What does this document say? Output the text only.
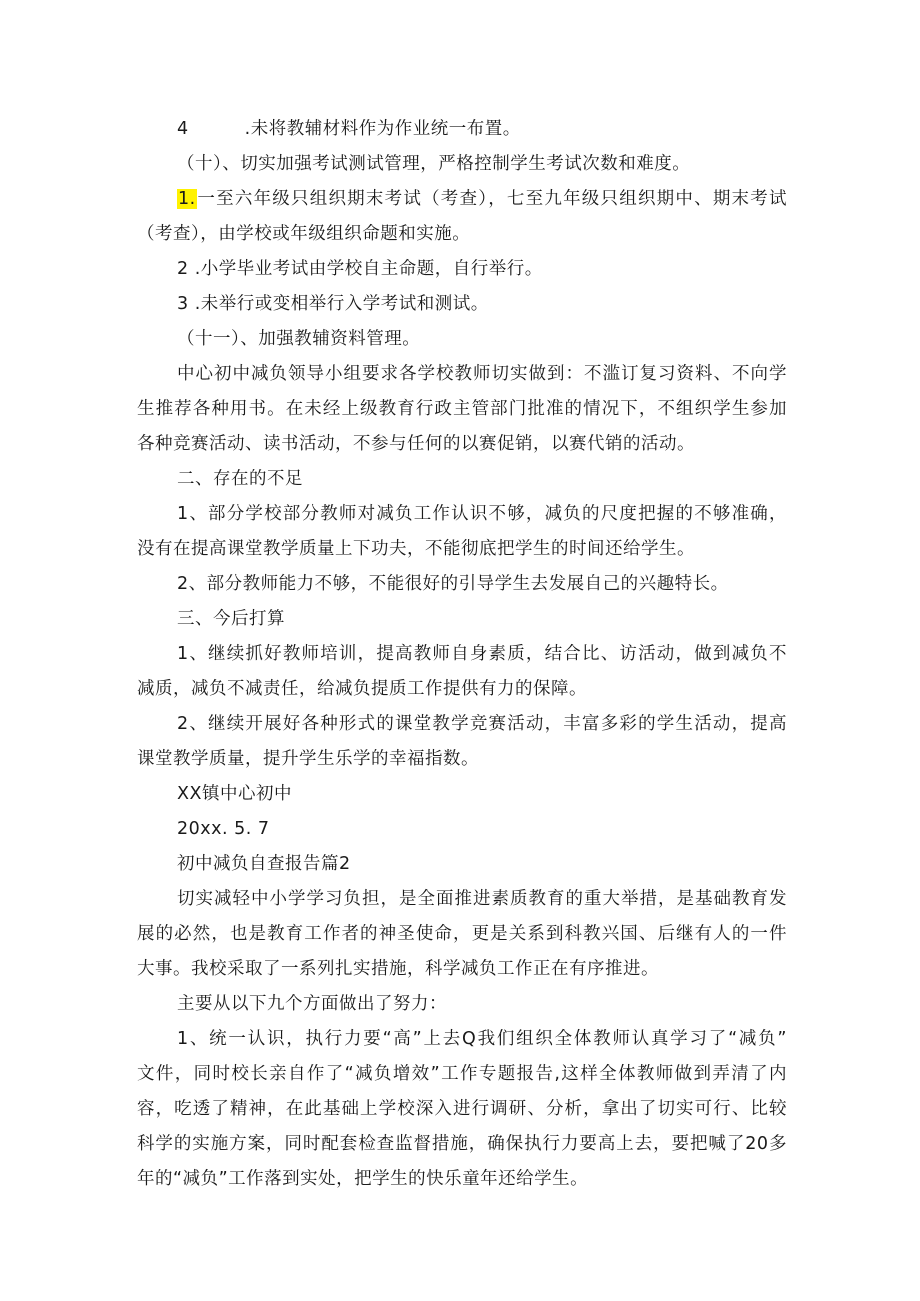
4	.未将教辅材料作为作业统一布置。
（十）、切实加强考试测试管理，严格控制学生考试次数和难度。
1.一至六年级只组织期末考试（考查），七至九年级只组织期中、期末考试
（考查），由学校或年级组织命题和实施。
2 .小学毕业考试由学校自主命题，自行举行。
3 .未举行或变相举行入学考试和测试。
（十一）、加强教辅资料管理。
中心初中减负领导小组要求各学校教师切实做到：不滥订复习资料、不向学
生推荐各种用书。在未经上级教育行政主管部门批准的情况下，不组织学生参加
各种竞赛活动、读书活动，不参与任何的以赛促销，以赛代销的活动。
二、存在的不足
1、部分学校部分教师对减负工作认识不够，减负的尺度把握的不够准确，
没有在提高课堂教学质量上下功夫，不能彻底把学生的时间还给学生。
2、部分教师能力不够，不能很好的引导学生去发展自己的兴趣特长。
三、今后打算
1、继续抓好教师培训，提高教师自身素质，结合比、访活动，做到减负不
减质，减负不减责任，给减负提质工作提供有力的保障。
2、继续开展好各种形式的课堂教学竞赛活动，丰富多彩的学生活动，提高
课堂教学质量，提升学生乐学的幸福指数。
XX镇中心初中
20xx. 5. 7
初中减负自查报告篇2
切实减轻中小学学习负担，是全面推进素质教育的重大举措，是基础教育发
展的必然，也是教育工作者的神圣使命，更是关系到科教兴国、后继有人的一件
大事。我校采取了一系列扎实措施，科学减负工作正在有序推进。
主要从以下九个方面做出了努力：
1、统一认识，执行力要“高”上去Q我们组织全体教师认真学习了“减负”
文件，同时校长亲自作了“减负增效”工作专题报告,这样全体教师做到弄清了内
容，吃透了精神，在此基础上学校深入进行调研、分析，拿出了切实可行、比较
科学的实施方案，同时配套检查监督措施，确保执行力要高上去，要把喊了20多
年的“减负”工作落到实处，把学生的快乐童年还给学生。
